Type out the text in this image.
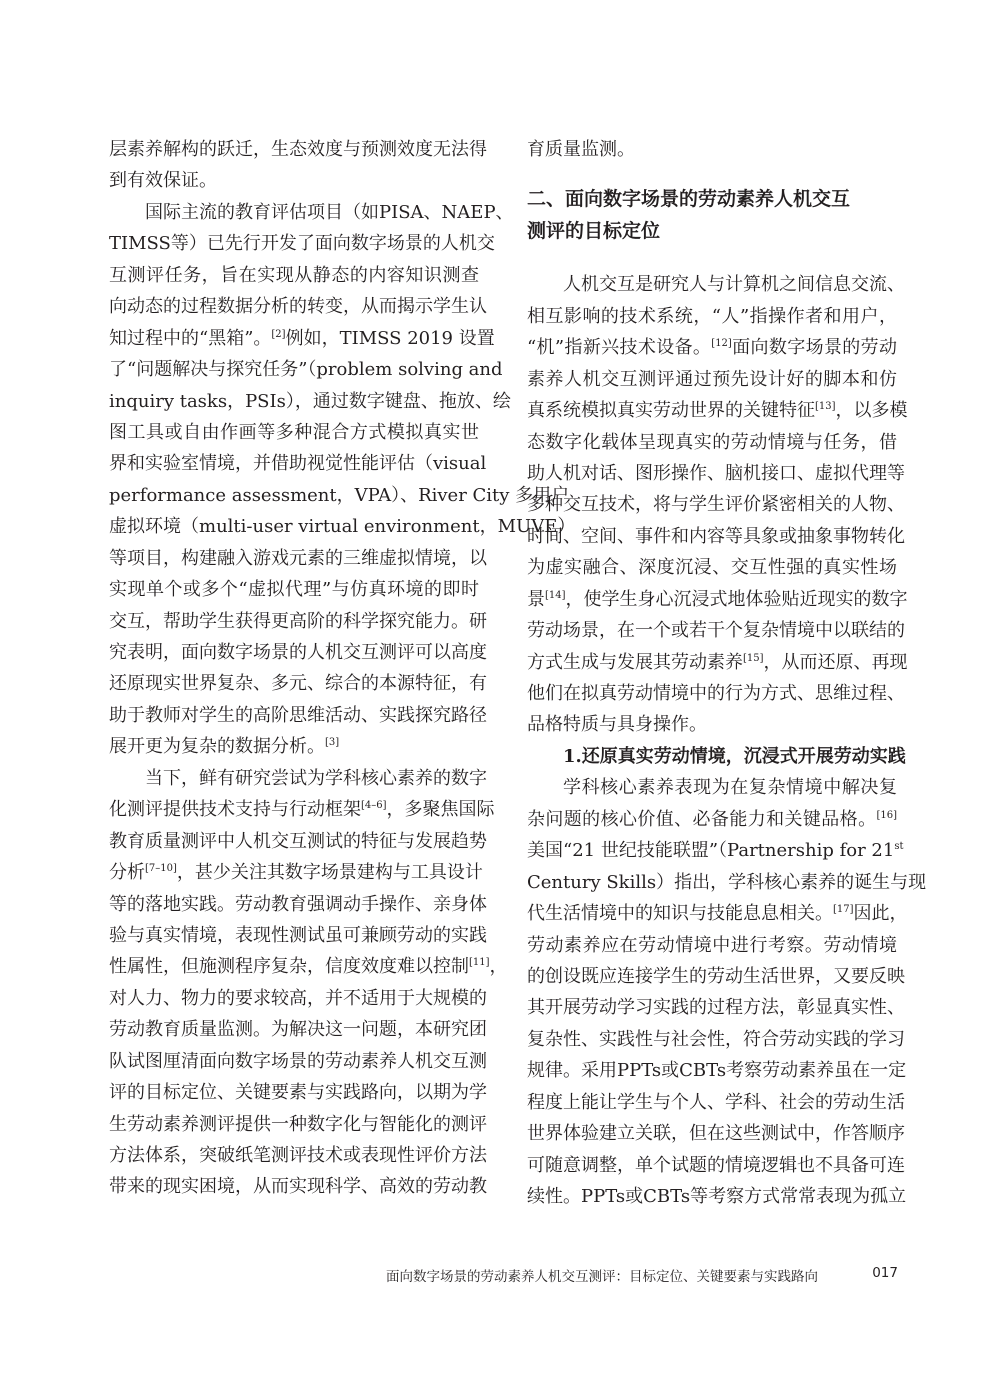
层素养解构的跃迁，生态效度与预测效度无法得
到有效保证。
国际主流的教育评估项目（如PISA、NAEP、
TIMSS等）已先行开发了面向数字场景的人机交
互测评任务，旨在实现从静态的内容知识测查
向动态的过程数据分析的转变，从而揭示学生认
知过程中的“黑箱”。[2]例如，TIMSS 2019 设置
了“问题解决与探究任务”（problem solving and
inquiry tasks，PSIs），通过数字键盘、拖放、绘
图工具或自由作画等多种混合方式模拟真实世
界和实验室情境，并借助视觉性能评估（visual
performance assessment，VPA）、River City 多用户
虚拟环境（multi-user virtual environment，MUVE）
等项目，构建融入游戏元素的三维虚拟情境，以
实现单个或多个“虚拟代理”与仿真环境的即时
交互，帮助学生获得更高阶的科学探究能力。研
究表明，面向数字场景的人机交互测评可以高度
还原现实世界复杂、多元、综合的本源特征，有
助于教师对学生的高阶思维活动、实践探究路径
展开更为复杂的数据分析。[3]
当下，鲜有研究尝试为学科核心素养的数字
化测评提供技术支持与行动框架[4–6]，多聚焦国际
教育质量测评中人机交互测试的特征与发展趋势
分析[7–10]，甚少关注其数字场景建构与工具设计
等的落地实践。劳动教育强调动手操作、亲身体
验与真实情境，表现性测试虽可兼顾劳动的实践
性属性，但施测程序复杂，信度效度难以控制[11]，
对人力、物力的要求较高，并不适用于大规模的
劳动教育质量监测。为解决这一问题，本研究团
队试图厘清面向数字场景的劳动素养人机交互测
评的目标定位、关键要素与实践路向，以期为学
生劳动素养测评提供一种数字化与智能化的测评
方法体系，突破纸笔测评技术或表现性评价方法
带来的现实困境，从而实现科学、高效的劳动教
育质量监测。
二、面向数字场景的劳动素养人机交互
测评的目标定位
人机交互是研究人与计算机之间信息交流、
相互影响的技术系统，“人”指操作者和用户，
“机”指新兴技术设备。[12]面向数字场景的劳动
素养人机交互测评通过预先设计好的脚本和仿
真系统模拟真实劳动世界的关键特征[13]，以多模
态数字化载体呈现真实的劳动情境与任务，借
助人机对话、图形操作、脑机接口、虚拟代理等
多种交互技术，将与学生评价紧密相关的人物、
时间、空间、事件和内容等具象或抽象事物转化
为虚实融合、深度沉浸、交互性强的真实性场
景[14]，使学生身心沉浸式地体验贴近现实的数字
劳动场景，在一个或若干个复杂情境中以联结的
方式生成与发展其劳动素养[15]，从而还原、再现
他们在拟真劳动情境中的行为方式、思维过程、
品格特质与具身操作。
1.还原真实劳动情境，沉浸式开展劳动实践
学科核心素养表现为在复杂情境中解决复
杂问题的核心价值、必备能力和关键品格。[16]
美国“21 世纪技能联盟”（Partnership for 21st
Century Skills）指出，学科核心素养的诞生与现
代生活情境中的知识与技能息息相关。[17]因此，
劳动素养应在劳动情境中进行考察。劳动情境
的创设既应连接学生的劳动生活世界，又要反映
其开展劳动学习实践的过程方法，彰显真实性、
复杂性、实践性与社会性，符合劳动实践的学习
规律。采用PPTs或CBTs考察劳动素养虽在一定
程度上能让学生与个人、学科、社会的劳动生活
世界体验建立关联，但在这些测试中，作答顺序
可随意调整，单个试题的情境逻辑也不具备可连
续性。PPTs或CBTs等考察方式常常表现为孤立
面向数字场景的劳动素养人机交互测评：目标定位、关键要素与实践路向	017
